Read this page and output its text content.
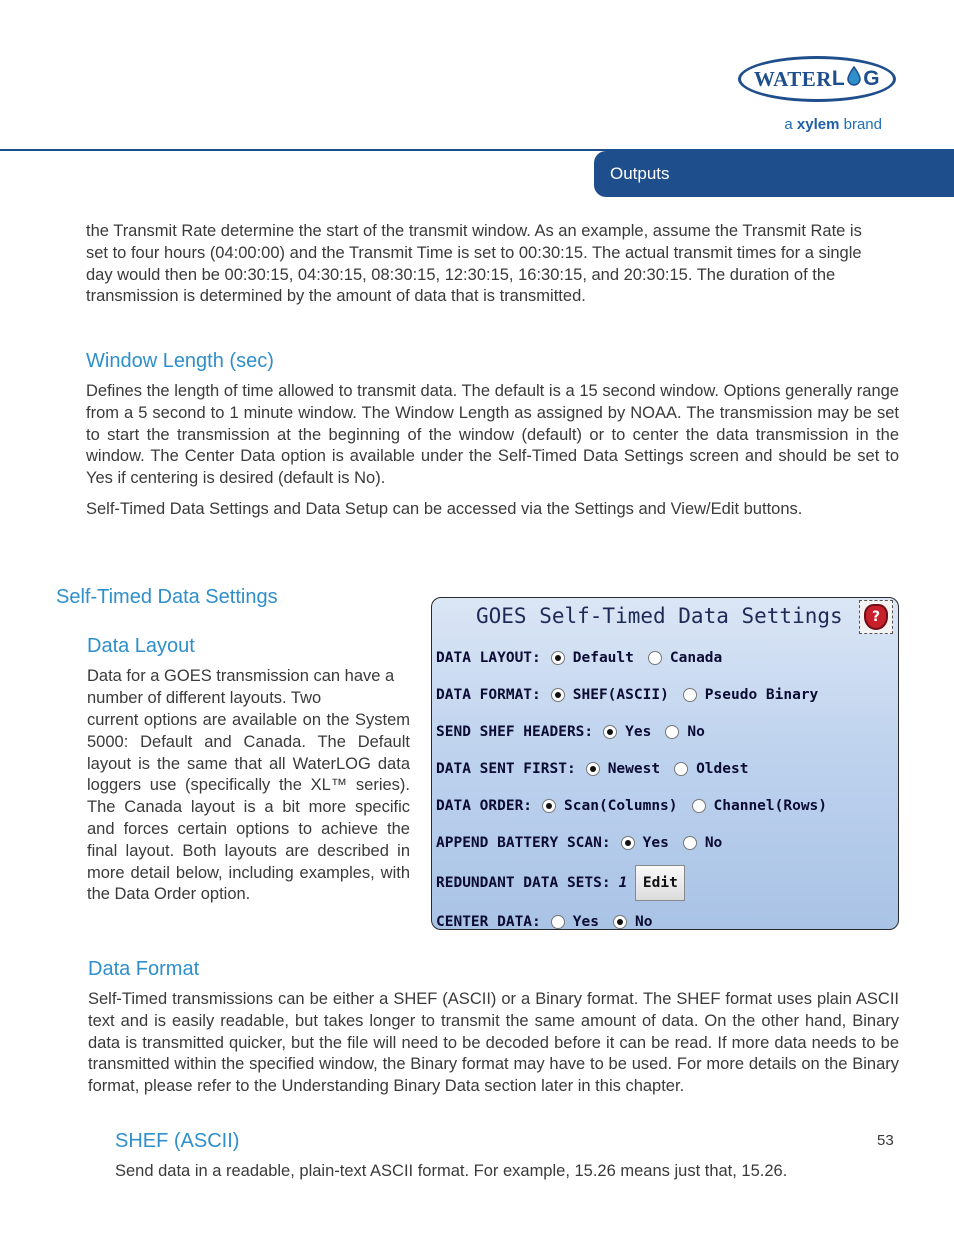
WATER L G
a xylem brand
Outputs
the Transmit Rate determine the start of the transmit window. As an example, assume the Transmit Rate is set to four hours (04:00:00) and the Transmit Time is set to 00:30:15. The actual transmit times for a single day would then be 00:30:15, 04:30:15, 08:30:15, 12:30:15, 16:30:15, and 20:30:15. The duration of the transmission is determined by the amount of data that is transmitted.
Window Length (sec)
Defines the length of time allowed to transmit data. The default is a 15 second window. Options generally range from a 5 second to 1 minute window. The Window Length as assigned by NOAA. The transmission may be set to start the transmission at the beginning of the window (default) or to center the data transmission in the window. The Center Data option is available under the Self-Timed Data Settings screen and should be set to Yes if centering is desired (default is No).
Self-Timed Data Settings and Data Setup can be accessed via the Settings and View/Edit buttons.
Self-Timed Data Settings
Data Layout
Data for a GOES transmission can have a number of different layouts. Two
current options are available on the System 5000: Default and Canada. The Default layout is the same that all WaterLOG data loggers use (specifically the XL™ series). The Canada layout is a bit more specific and forces certain options to achieve the final layout. Both layouts are described in more detail below, including examples, with the Data Order option.
GOES Self-Timed Data Settings	?
DATA LAYOUT: Default Canada
DATA FORMAT: SHEF(ASCII) Pseudo Binary
SEND SHEF HEADERS: Yes No
DATA SENT FIRST: Newest Oldest
DATA ORDER: Scan(Columns) Channel(Rows)
APPEND BATTERY SCAN: Yes No
REDUNDANT DATA SETS: 1	Edit
CENTER DATA: Yes No
Data Format
Self-Timed transmissions can be either a SHEF (ASCII) or a Binary format. The SHEF format uses plain ASCII text and is easily readable, but takes longer to transmit the same amount of data. On the other hand, Binary data is transmitted quicker, but the file will need to be decoded before it can be read. If more data needs to be transmitted within the specified window, the Binary format may have to be used. For more details on the Binary format, please refer to the Understanding Binary Data section later in this chapter.
SHEF (ASCII)	53
Send data in a readable, plain-text ASCII format. For example, 15.26 means just that, 15.26.
